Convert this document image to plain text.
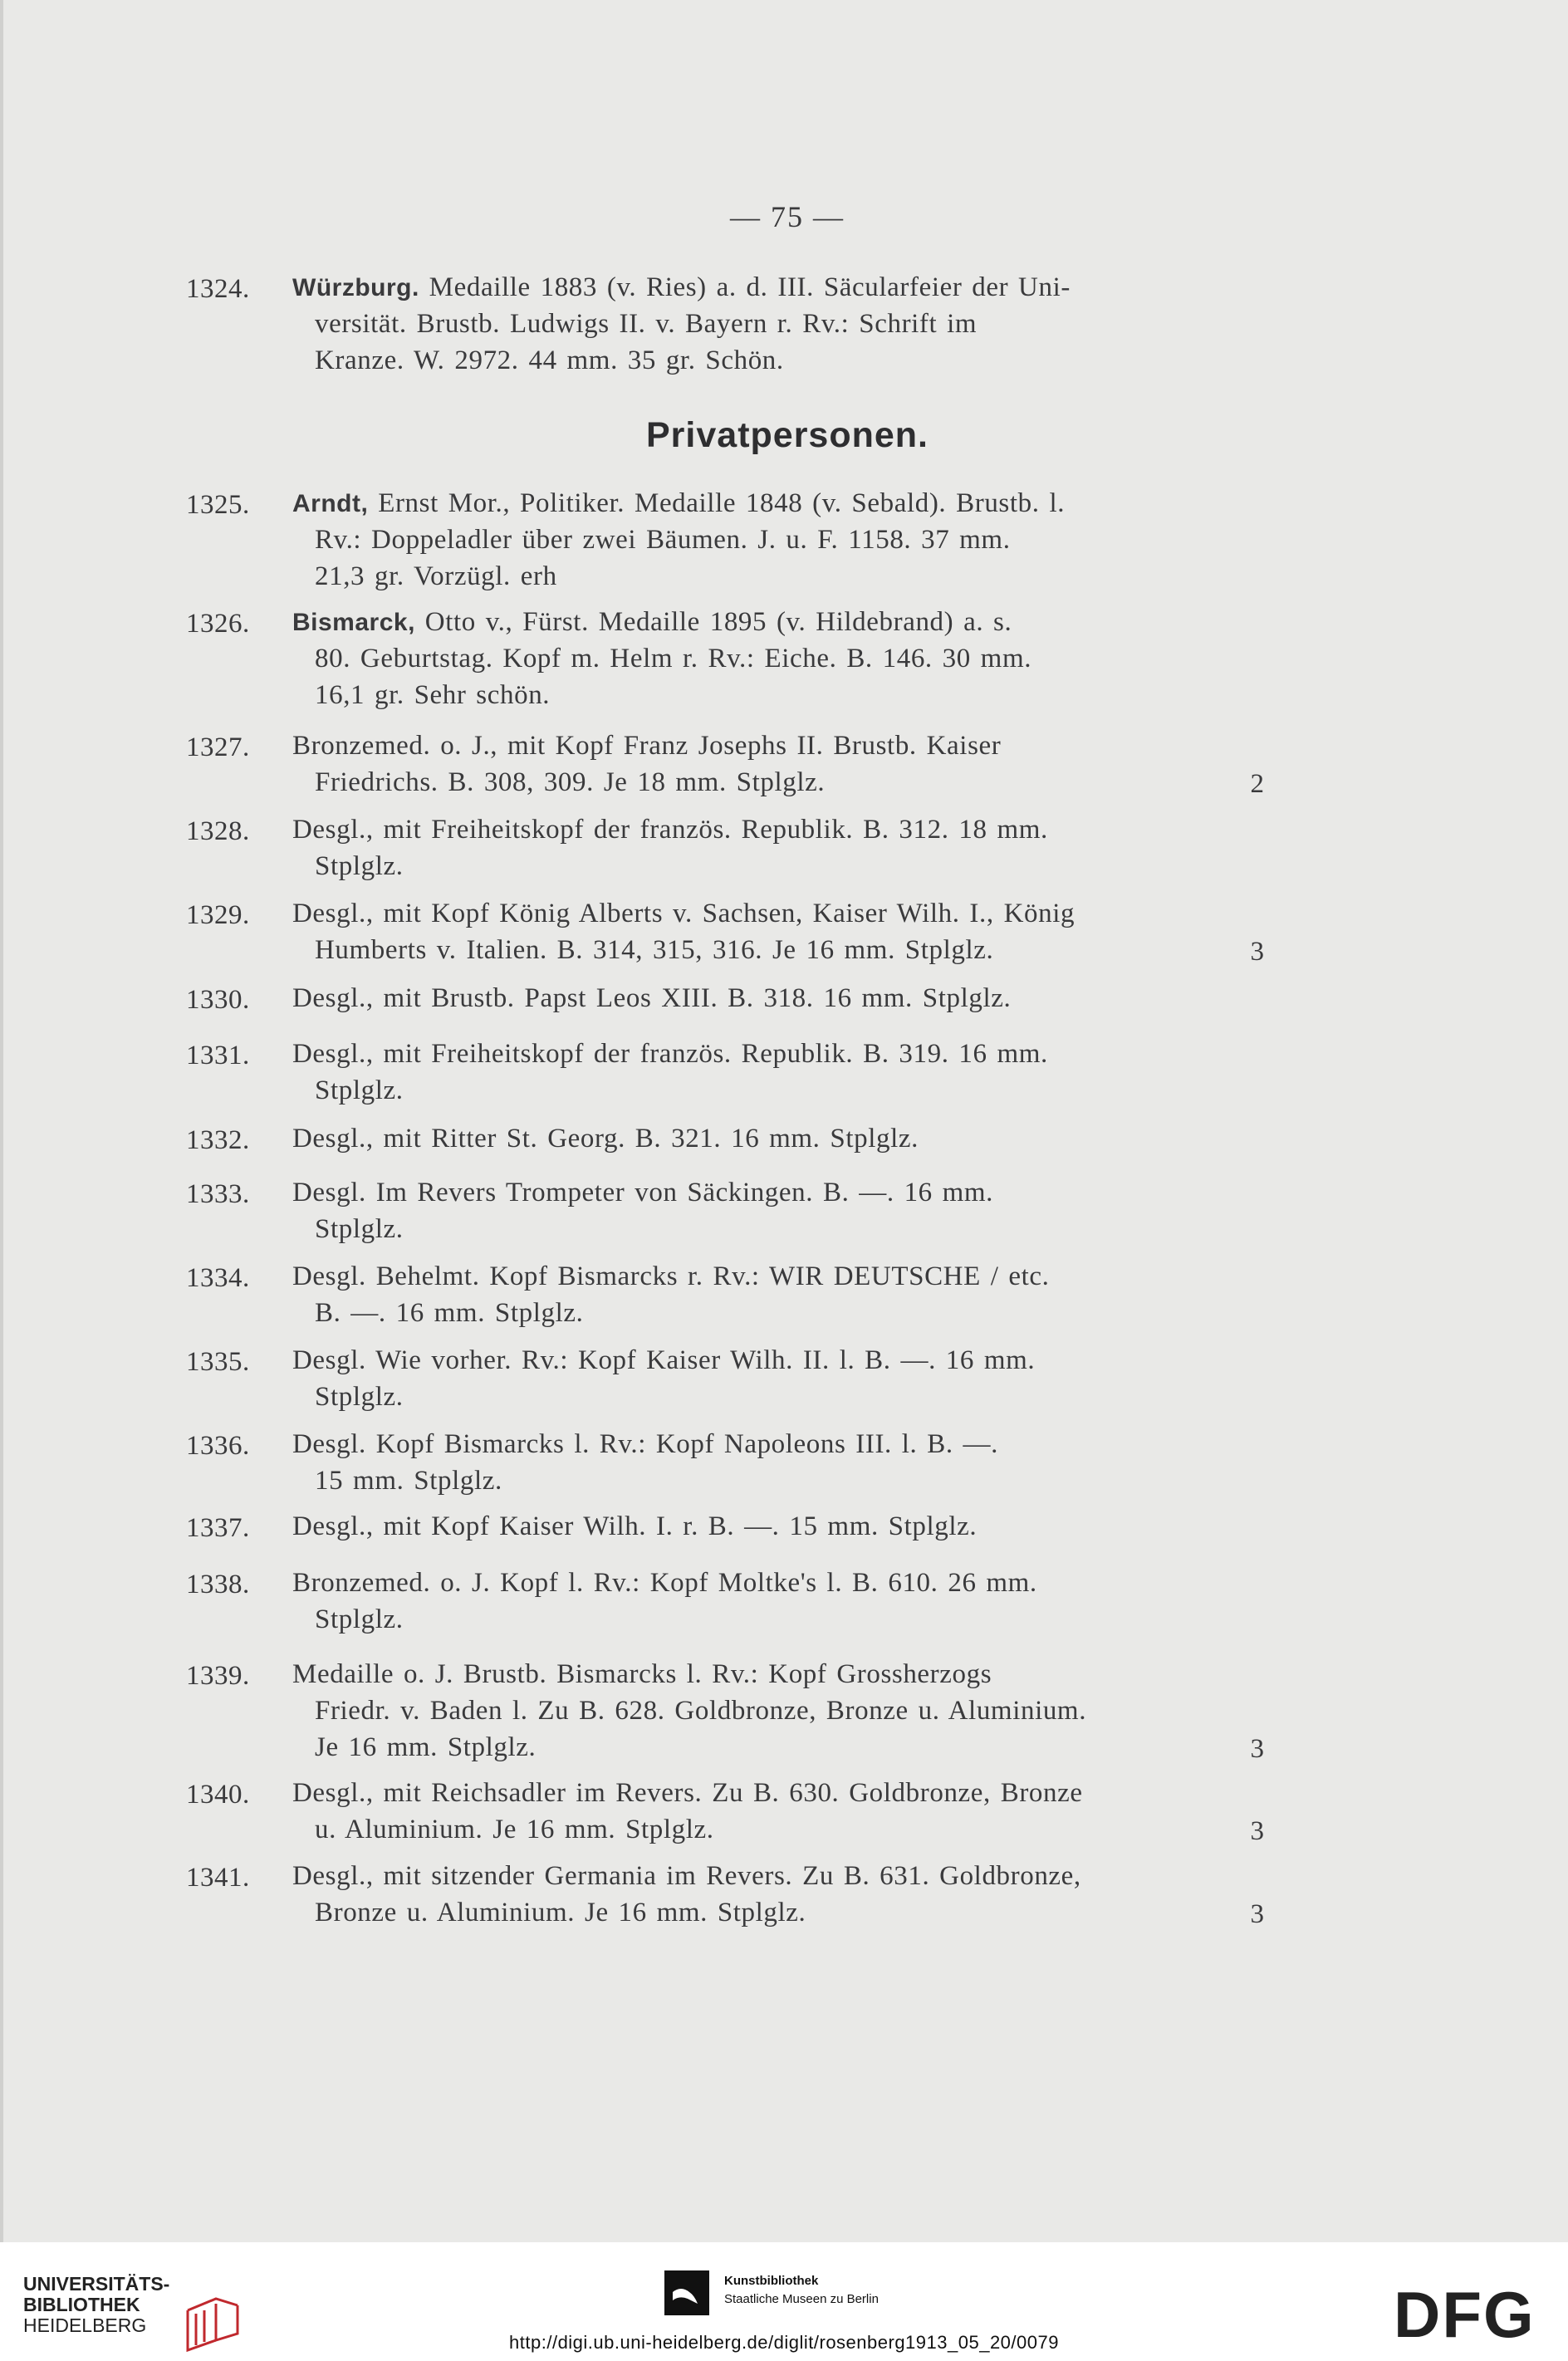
— 75 —
Privatpersonen.
1324. Würzburg. Medaille 1883 (v. Ries) a. d. III. Säcularfeier der Uni-
versität. Brustb. Ludwigs II. v. Bayern r. Rv.: Schrift im
Kranze. W. 2972. 44 mm. 35 gr. Schön.
1325. Arndt, Ernst Mor., Politiker. Medaille 1848 (v. Sebald). Brustb. l.
Rv.: Doppeladler über zwei Bäumen. J. u. F. 1158. 37 mm.
21,3 gr. Vorzügl. erh
1326. Bismarck, Otto v., Fürst. Medaille 1895 (v. Hildebrand) a. s.
80. Geburtstag. Kopf m. Helm r. Rv.: Eiche. B. 146. 30 mm.
16,1 gr. Sehr schön.
1327. Bronzemed. o. J., mit Kopf Franz Josephs II. Brustb. Kaiser
Friedrichs. B. 308, 309. Je 18 mm. Stplglz.	2
1328. Desgl., mit Freiheitskopf der französ. Republik. B. 312. 18 mm.
Stplglz.
1329. Desgl., mit Kopf König Alberts v. Sachsen, Kaiser Wilh. I., König
Humberts v. Italien. B. 314, 315, 316. Je 16 mm. Stplglz.	3
1330. Desgl., mit Brustb. Papst Leos XIII. B. 318. 16 mm. Stplglz.
1331. Desgl., mit Freiheitskopf der französ. Republik. B. 319. 16 mm.
Stplglz.
1332. Desgl., mit Ritter St. Georg. B. 321. 16 mm. Stplglz.
1333. Desgl. Im Revers Trompeter von Säckingen. B. —. 16 mm.
Stplglz.
1334. Desgl. Behelmt. Kopf Bismarcks r. Rv.: WIR DEUTSCHE / etc.
B. —. 16 mm. Stplglz.
1335. Desgl. Wie vorher. Rv.: Kopf Kaiser Wilh. II. l. B. —. 16 mm.
Stplglz.
1336. Desgl. Kopf Bismarcks l. Rv.: Kopf Napoleons III. l. B. —.
15 mm. Stplglz.
1337. Desgl., mit Kopf Kaiser Wilh. I. r. B. —. 15 mm. Stplglz.
1338. Bronzemed. o. J. Kopf l. Rv.: Kopf Moltke's l. B. 610. 26 mm.
Stplglz.
1339. Medaille o. J. Brustb. Bismarcks l. Rv.: Kopf Grossherzogs
Friedr. v. Baden l. Zu B. 628. Goldbronze, Bronze u. Aluminium.
Je 16 mm. Stplglz.	3
1340. Desgl., mit Reichsadler im Revers. Zu B. 630. Goldbronze, Bronze
u. Aluminium. Je 16 mm. Stplglz.	3
1341. Desgl., mit sitzender Germania im Revers. Zu B. 631. Goldbronze,
Bronze u. Aluminium. Je 16 mm. Stplglz.	3
UNIVERSITÄTS-
BIBLIOTHEK
HEIDELBERG
Kunstbibliothek
Staatliche Museen zu Berlin	DFG
http://digi.ub.uni-heidelberg.de/diglit/rosenberg1913_05_20/0079
